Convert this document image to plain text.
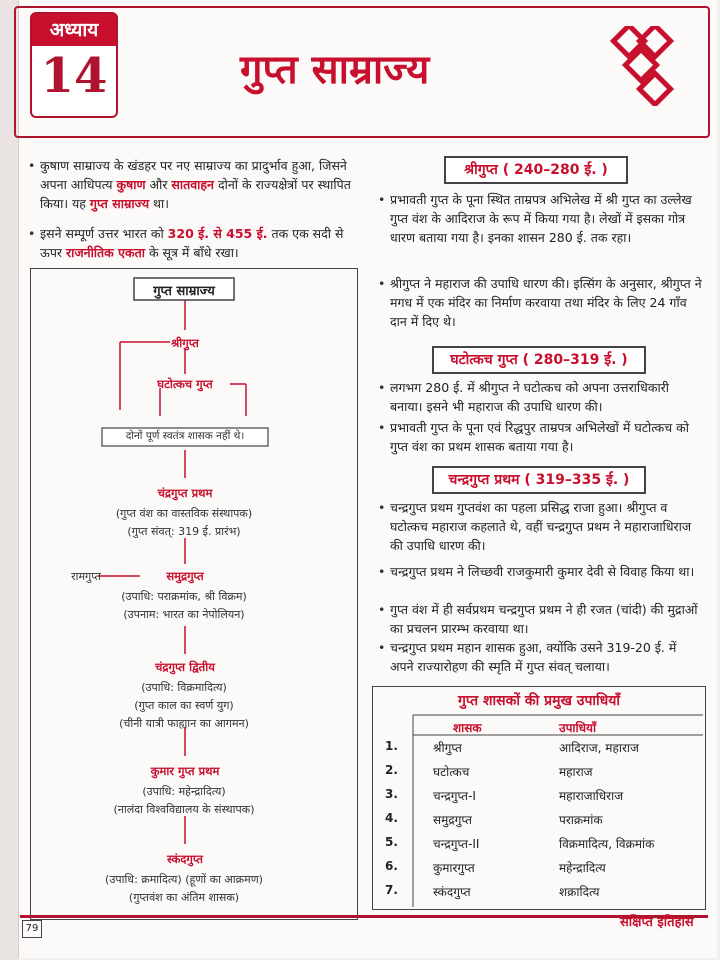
अध्याय
14	गुप्त साम्राज्य
• कुषाण साम्राज्य के खंडहर पर नए साम्राज्य का प्रादुर्भाव हुआ, जिसने अपना आधिपत्य कुषाण और सातवाहन दोनों के राज्यक्षेत्रों पर स्थापित किया। यह गुप्त साम्राज्य था।
• इसने सम्पूर्ण उत्तर भारत को 320 ई. से 455 ई. तक एक सदी से ऊपर राजनीतिक एकता के सूत्र में बाँधे रखा।
गुप्त साम्राज्य
श्रीगुप्त
घटोत्कच गुप्त
दोनों पूर्ण स्वतंत्र शासक नहीं थे।
चंद्रगुप्त प्रथम
(गुप्त वंश का वास्तविक संस्थापक)
(गुप्त संवत्: 319 ई. प्रारंभ)
रामगुप्त	समुद्रगुप्त
(उपाधि: पराक्रमांक, श्री विक्रम)
(उपनाम: भारत का नेपोलियन)
चंद्रगुप्त द्वितीय
(उपाधि: विक्रमादित्य)
(गुप्त काल का स्वर्ण युग)
(चीनी यात्री फाह्यान का आगमन)
कुमार गुप्त प्रथम
(उपाधि: महेन्द्रादित्य)
(नालंदा विश्वविद्यालय के संस्थापक)
स्कंदगुप्त
(उपाधि: क्रमादित्य) (हूणों का आक्रमण)
(गुप्तवंश का अंतिम शासक)
श्रीगुप्त ( 240–280 ई. )
• प्रभावती गुप्त के पूना स्थित ताम्रपत्र अभिलेख में श्री गुप्त का उल्लेख गुप्त वंश के आदिराज के रूप में किया गया है। लेखों में इसका गोत्र धारण बताया गया है। इनका शासन 280 ई. तक रहा।
• श्रीगुप्त ने महाराज की उपाधि धारण की। इत्सिंग के अनुसार, श्रीगुप्त ने मगध में एक मंदिर का निर्माण करवाया तथा मंदिर के लिए 24 गाँव दान में दिए थे।
घटोत्कच गुप्त ( 280–319 ई. )
• लगभग 280 ई. में श्रीगुप्त ने घटोत्कच को अपना उत्तराधिकारी बनाया। इसने भी महाराज की उपाधि धारण की।
• प्रभावती गुप्त के पूना एवं रिद्धपुर ताम्रपत्र अभिलेखों में घटोत्कच को गुप्त वंश का प्रथम शासक बताया गया है।
चन्द्रगुप्त प्रथम ( 319–335 ई. )
• चन्द्रगुप्त प्रथम गुप्तवंश का पहला प्रसिद्ध राजा हुआ। श्रीगुप्त व घटोत्कच महाराज कहलाते थे, वहीं चन्द्रगुप्त प्रथम ने महाराजाधिराज की उपाधि धारण की।
• चन्द्रगुप्त प्रथम ने लिच्छवी राजकुमारी कुमार देवी से विवाह किया था।
• गुप्त वंश में ही सर्वप्रथम चन्द्रगुप्त प्रथम ने ही रजत (चांदी) की मुद्राओं का प्रचलन प्रारम्भ करवाया था।
• चन्द्रगुप्त प्रथम महान शासक हुआ, क्योंकि उसने 319-20 ई. में अपने राज्यारोहण की स्मृति में गुप्त संवत् चलाया।
गुप्त शासकों की प्रमुख उपाधियाँ
शासक	उपाधियाँ
1.	श्रीगुप्त	आदिराज, महाराज
2.	घटोत्कच	महाराज
3.	चन्द्रगुप्त-I	महाराजाधिराज
4.	समुद्रगुप्त	पराक्रमांक
5.	चन्द्रगुप्त-II	विक्रमादित्य, विक्रमांक
6.	कुमारगुप्त	महेन्द्रादित्य
7.	स्कंदगुप्त	शक्रादित्य
79	संक्षिप्त इतिहास
